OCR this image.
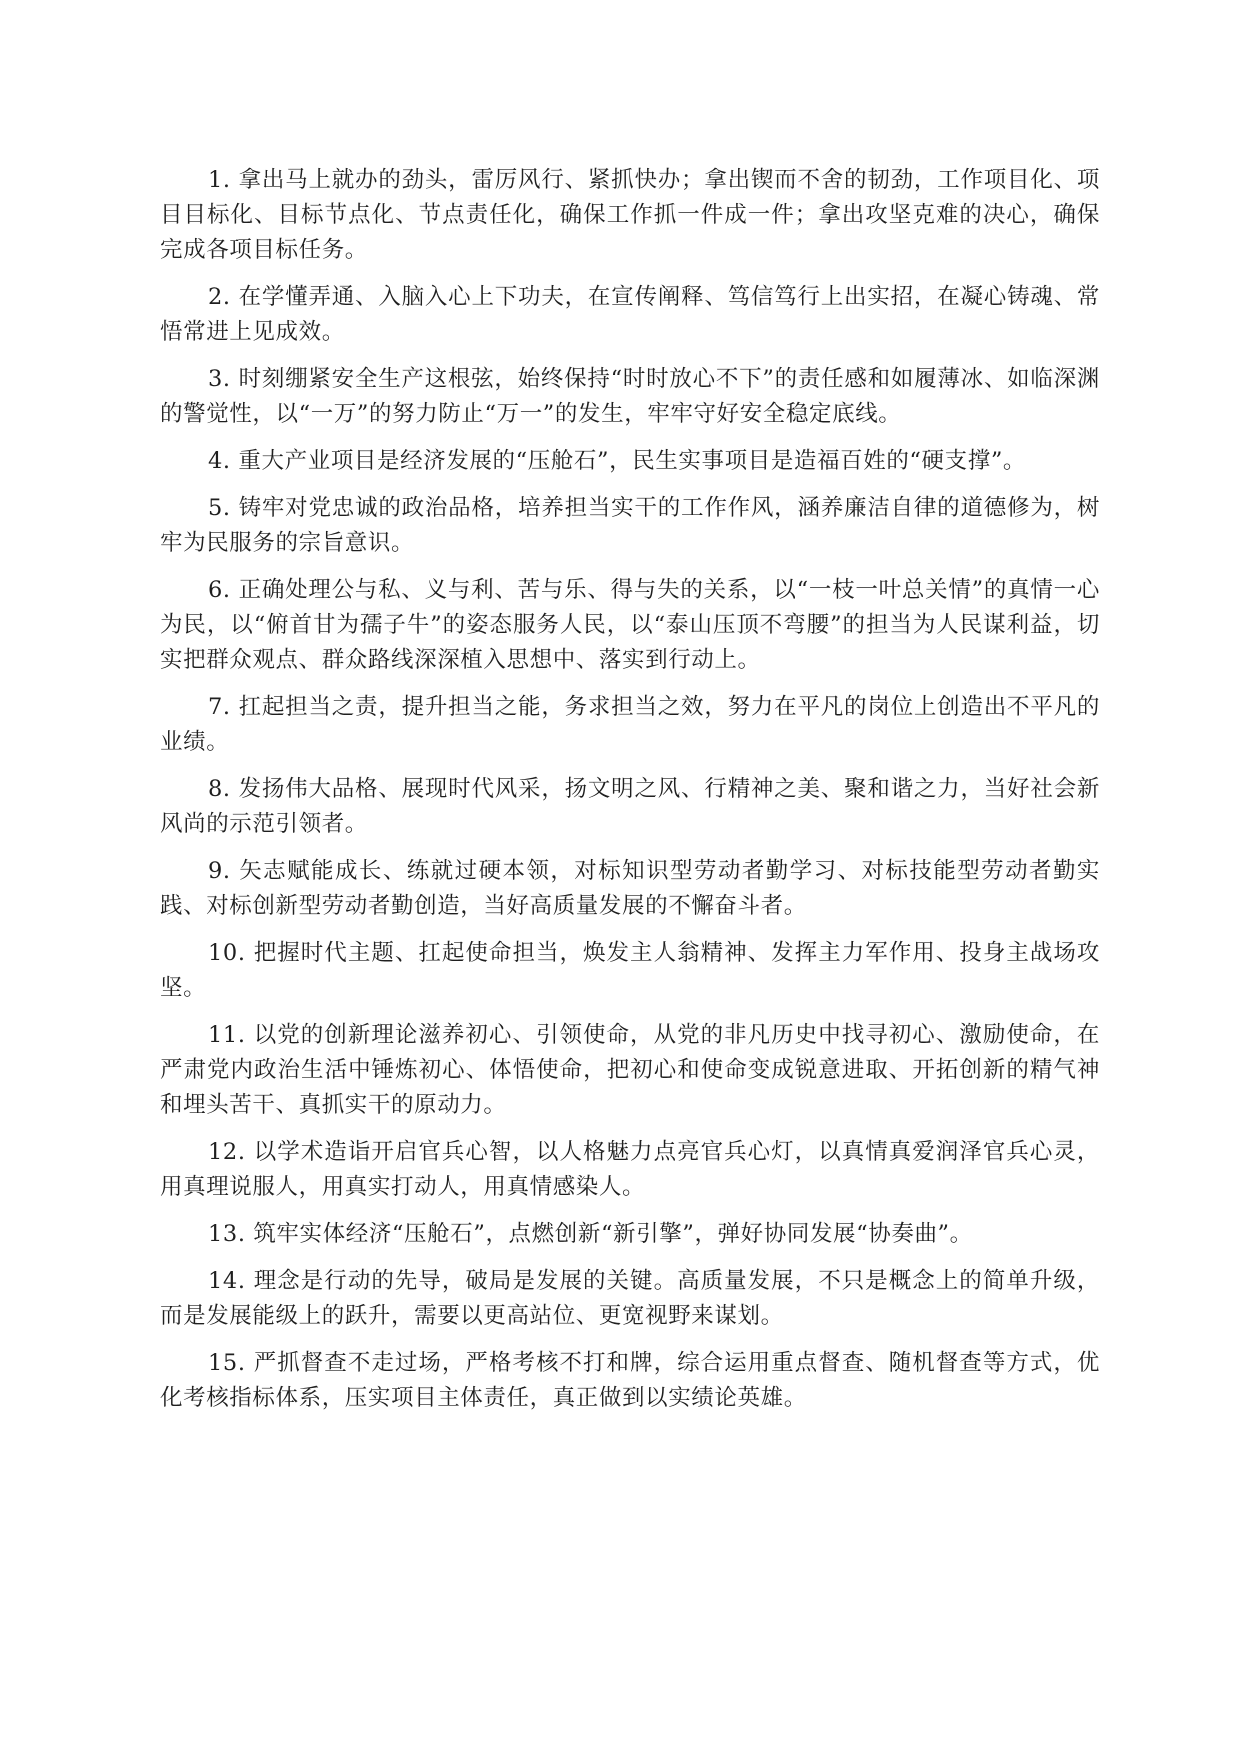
1. 拿出马上就办的劲头，雷厉风行、紧抓快办；拿出锲而不舍的韧劲，工作项目化、项目目标化、目标节点化、节点责任化，确保工作抓一件成一件；拿出攻坚克难的决心，确保完成各项目标任务。

2. 在学懂弄通、入脑入心上下功夫，在宣传阐释、笃信笃行上出实招，在凝心铸魂、常悟常进上见成效。

3. 时刻绷紧安全生产这根弦，始终保持“时时放心不下”的责任感和如履薄冰、如临深渊的警觉性，以“一万”的努力防止“万一”的发生，牢牢守好安全稳定底线。

4. 重大产业项目是经济发展的“压舱石”，民生实事项目是造福百姓的“硬支撑”。

5. 铸牢对党忠诚的政治品格，培养担当实干的工作作风，涵养廉洁自律的道德修为，树牢为民服务的宗旨意识。

6. 正确处理公与私、义与利、苦与乐、得与失的关系，以“一枝一叶总关情”的真情一心为民，以“俯首甘为孺子牛”的姿态服务人民，以“泰山压顶不弯腰”的担当为人民谋利益，切实把群众观点、群众路线深深植入思想中、落实到行动上。

7. 扛起担当之责，提升担当之能，务求担当之效，努力在平凡的岗位上创造出不平凡的业绩。

8. 发扬伟大品格、展现时代风采，扬文明之风、行精神之美、聚和谐之力，当好社会新风尚的示范引领者。

9. 矢志赋能成长、练就过硬本领，对标知识型劳动者勤学习、对标技能型劳动者勤实践、对标创新型劳动者勤创造，当好高质量发展的不懈奋斗者。

10. 把握时代主题、扛起使命担当，焕发主人翁精神、发挥主力军作用、投身主战场攻坚。

11. 以党的创新理论滋养初心、引领使命，从党的非凡历史中找寻初心、激励使命，在严肃党内政治生活中锤炼初心、体悟使命，把初心和使命变成锐意进取、开拓创新的精气神和埋头苦干、真抓实干的原动力。

12. 以学术造诣开启官兵心智，以人格魅力点亮官兵心灯，以真情真爱润泽官兵心灵，用真理说服人，用真实打动人，用真情感染人。

13. 筑牢实体经济“压舱石”，点燃创新“新引擎”，弹好协同发展“协奏曲”。

14. 理念是行动的先导，破局是发展的关键。高质量发展，不只是概念上的简单升级，而是发展能级上的跃升，需要以更高站位、更宽视野来谋划。

15. 严抓督查不走过场，严格考核不打和牌，综合运用重点督查、随机督查等方式，优化考核指标体系，压实项目主体责任，真正做到以实绩论英雄。
